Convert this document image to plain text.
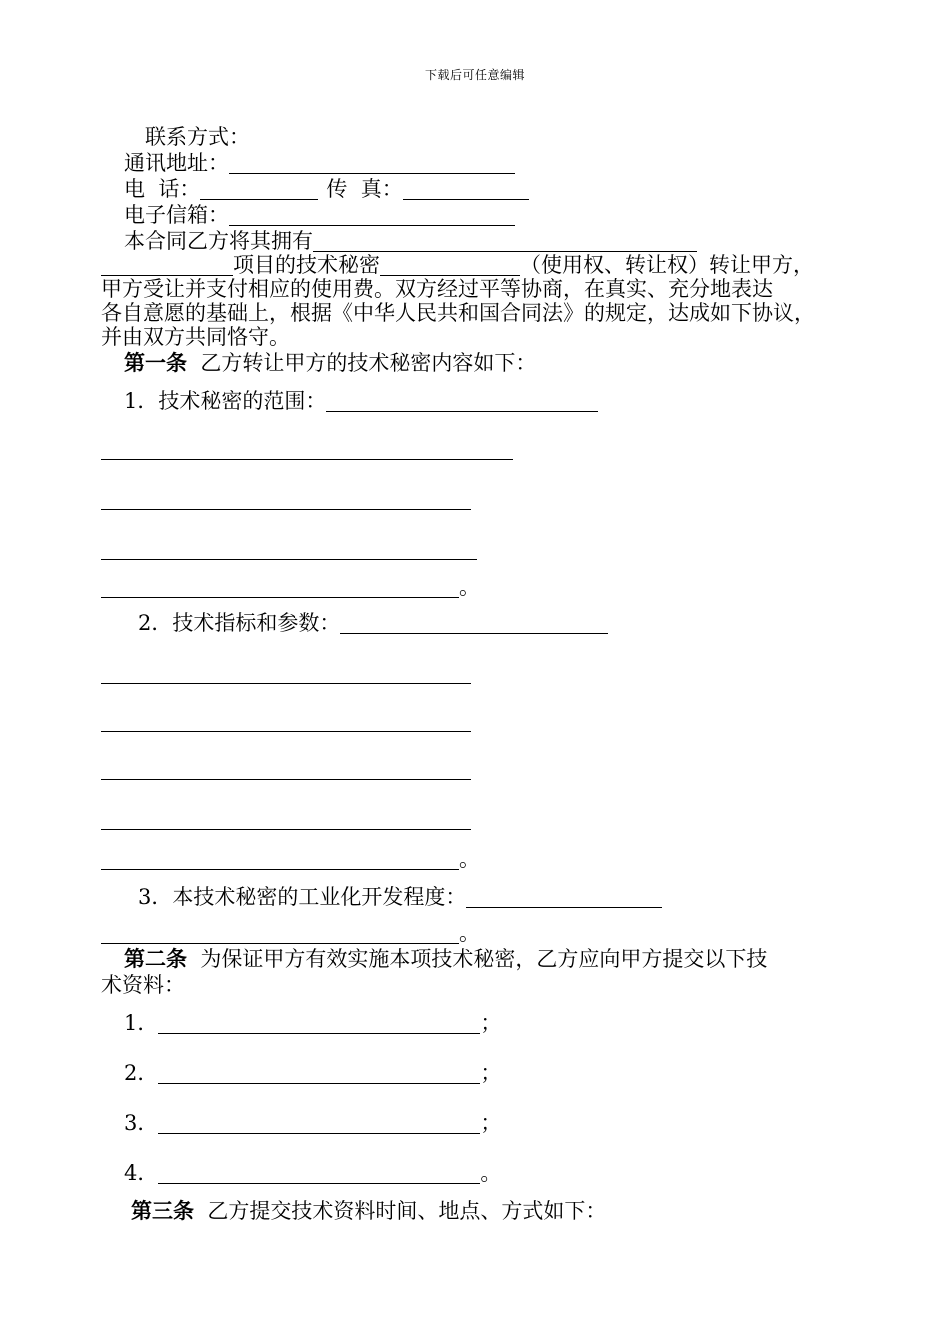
下载后可任意编辑
联系方式：
通讯地址：
电  话：	传  真：
电子信箱：
本合同乙方将其拥有
项目的技术秘密	（使用权、转让权）转让甲方，
甲方受让并支付相应的使用费。双方经过平等协商，在真实、充分地表达
各自意愿的基础上，根据《中华人民共和国合同法》的规定，达成如下协议，
并由双方共同恪守。
第一条 乙方转让甲方的技术秘密内容如下：
1．技术秘密的范围：
。
2．技术指标和参数：
。
3．本技术秘密的工业化开发程度：
。
第二条 为保证甲方有效实施本项技术秘密，乙方应向甲方提交以下技
术资料：
1．	；
2．	；
3．	；
4．	。
第三条 乙方提交技术资料时间、地点、方式如下：
